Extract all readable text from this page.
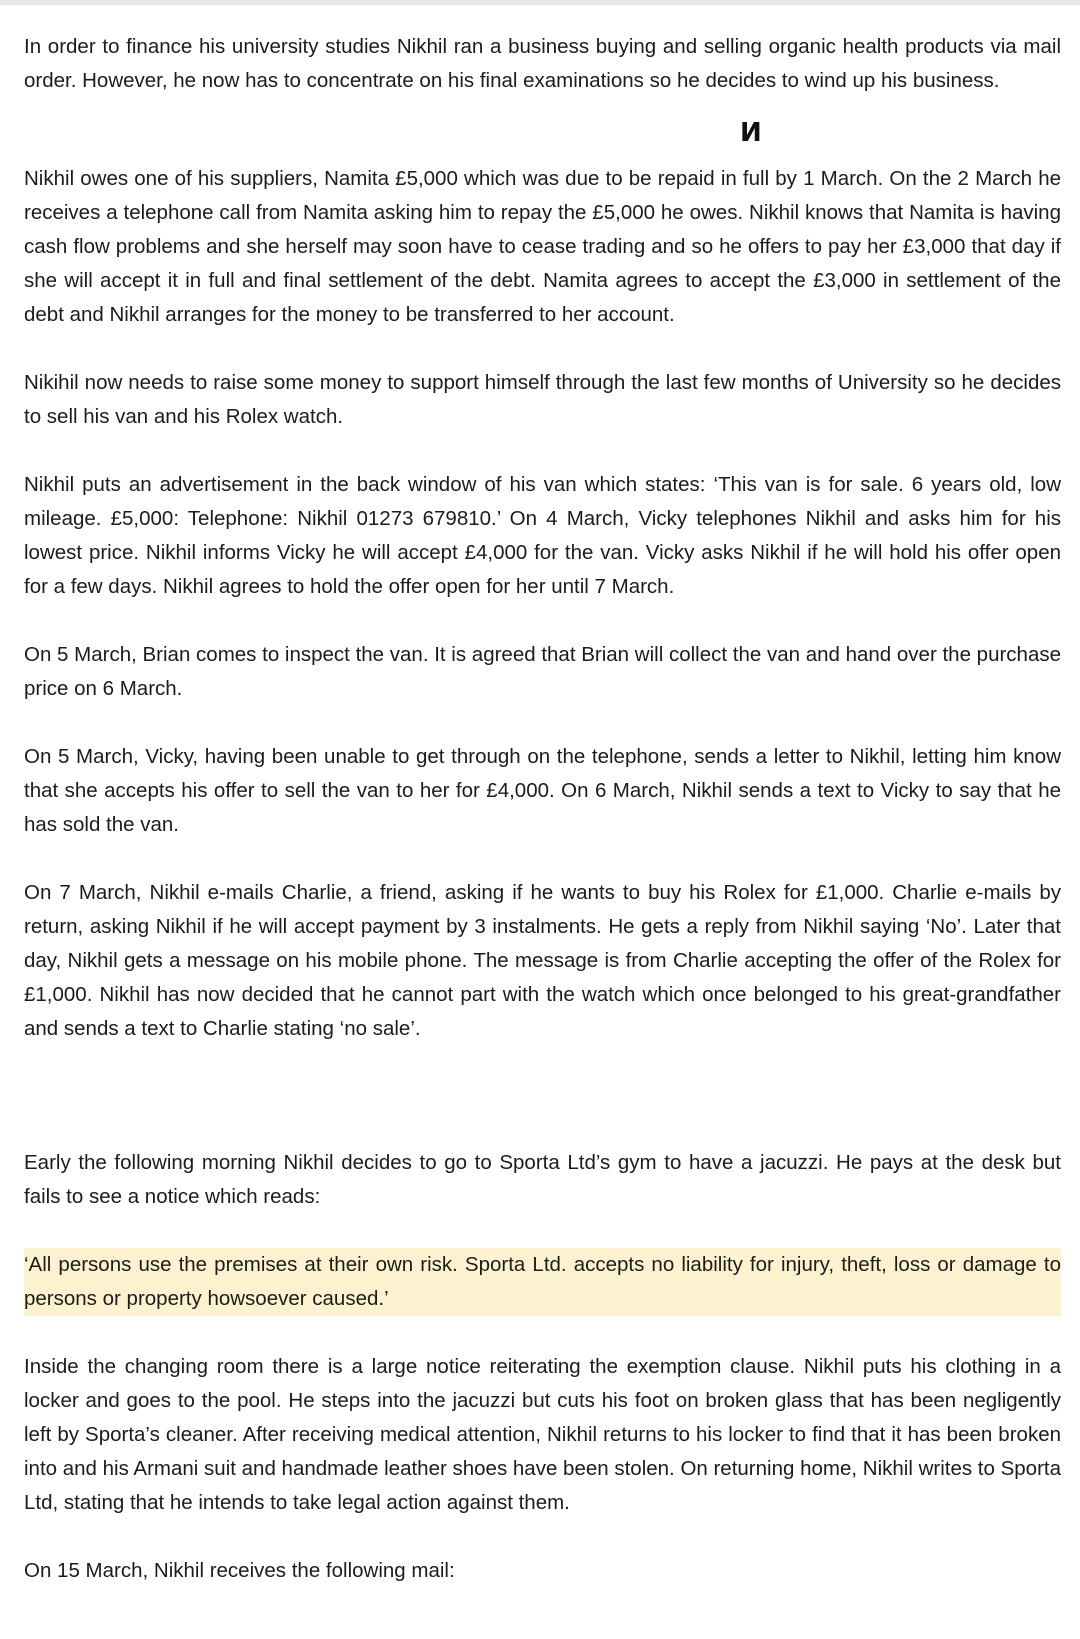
И

In order to finance his university studies Nikhil ran a business buying and selling organic health products via mail order. However, he now has to concentrate on his final examinations so he decides to wind up his business.

Nikhil owes one of his suppliers, Namita £5,000 which was due to be repaid in full by 1 March. On the 2 March he receives a telephone call from Namita asking him to repay the £5,000 he owes. Nikhil knows that Namita is having cash flow problems and she herself may soon have to cease trading and so he offers to pay her £3,000 that day if she will accept it in full and final settlement of the debt. Namita agrees to accept the £3,000 in settlement of the debt and Nikhil arranges for the money to be transferred to her account.

Nikihil now needs to raise some money to support himself through the last few months of University so he decides to sell his van and his Rolex watch.

Nikhil puts an advertisement in the back window of his van which states: ‘This van is for sale. 6 years old, low mileage. £5,000: Telephone: Nikhil 01273 679810.’ On 4 March, Vicky telephones Nikhil and asks him for his lowest price. Nikhil informs Vicky he will accept £4,000 for the van. Vicky asks Nikhil if he will hold his offer open for a few days. Nikhil agrees to hold the offer open for her until 7 March.

On 5 March, Brian comes to inspect the van. It is agreed that Brian will collect the van and hand over the purchase price on 6 March.

On 5 March, Vicky, having been unable to get through on the telephone, sends a letter to Nikhil, letting him know that she accepts his offer to sell the van to her for £4,000. On 6 March, Nikhil sends a text to Vicky to say that he has sold the van.

On 7 March, Nikhil e-mails Charlie, a friend, asking if he wants to buy his Rolex for £1,000. Charlie e-mails by return, asking Nikhil if he will accept payment by 3 instalments. He gets a reply from Nikhil saying ‘No’. Later that day, Nikhil gets a message on his mobile phone. The message is from Charlie accepting the offer of the Rolex for £1,000. Nikhil has now decided that he cannot part with the watch which once belonged to his great-grandfather and sends a text to Charlie stating ‘no sale’.

Early the following morning Nikhil decides to go to Sporta Ltd’s gym to have a jacuzzi. He pays at the desk but fails to see a notice which reads:

‘All persons use the premises at their own risk. Sporta Ltd. accepts no liability for injury, theft, loss or damage to persons or property howsoever caused.’

Inside the changing room there is a large notice reiterating the exemption clause. Nikhil puts his clothing in a locker and goes to the pool. He steps into the jacuzzi but cuts his foot on broken glass that has been negligently left by Sporta’s cleaner. After receiving medical attention, Nikhil returns to his locker to find that it has been broken into and his Armani suit and handmade leather shoes have been stolen. On returning home, Nikhil writes to Sporta Ltd, stating that he intends to take legal action against them.

On 15 March, Nikhil receives the following mail:
